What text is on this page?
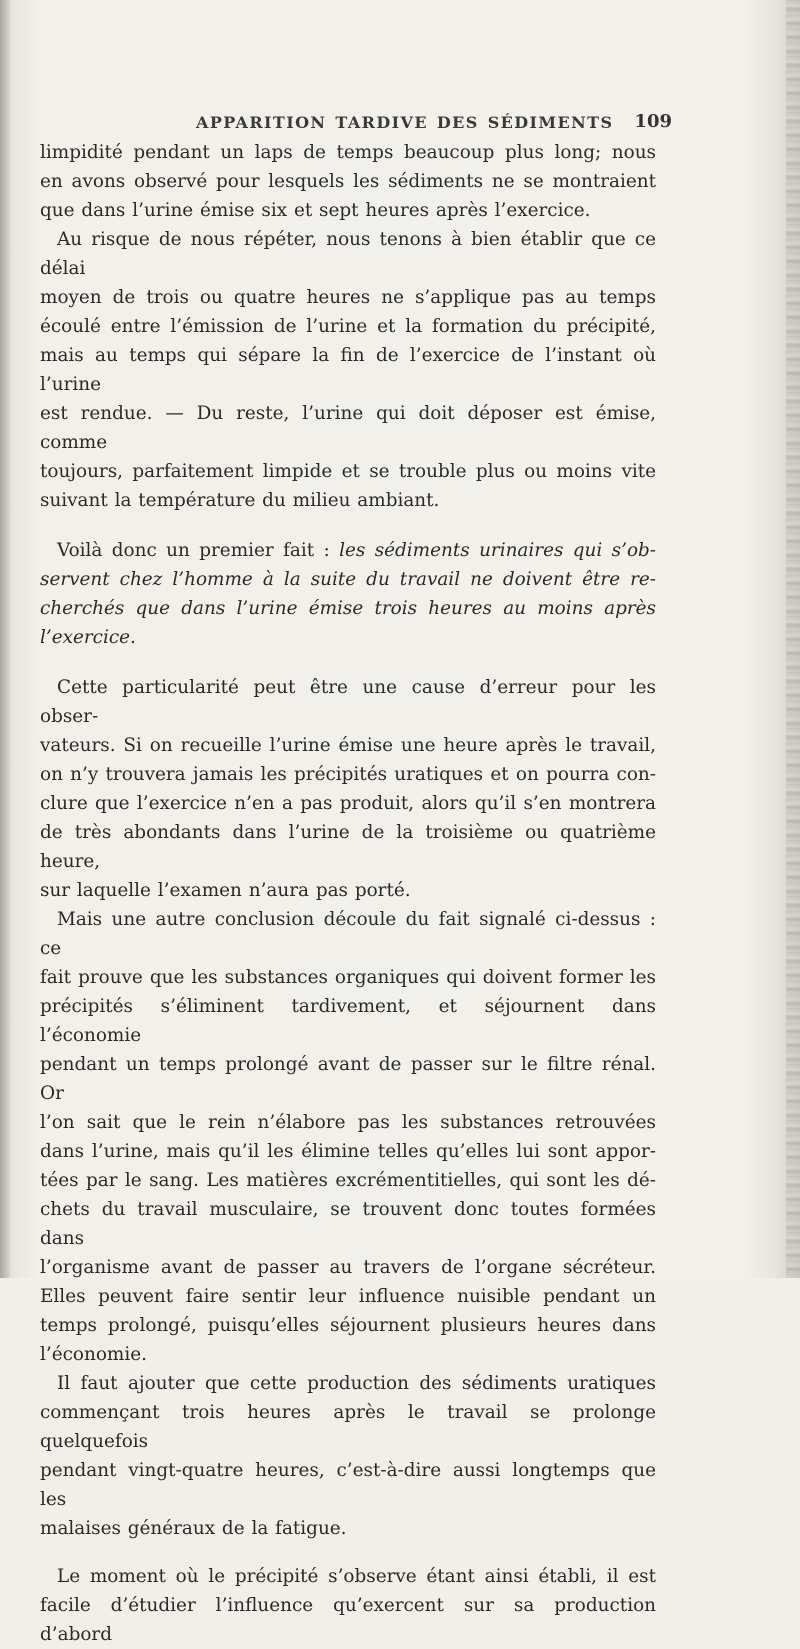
APPARITION TARDIVE DES SÉDIMENTS 109

limpidité pendant un laps de temps beaucoup plus long; nous

en avons observé pour lesquels les sédiments ne se montraient

que dans l’urine émise six et sept heures après l’exercice.

Au risque de nous répéter, nous tenons à bien établir que ce délai

moyen de trois ou quatre heures ne s’applique pas au temps

écoulé entre l’émission de l’urine et la formation du précipité,

mais au temps qui sépare la fin de l’exercice de l’instant où l’urine

est rendue. — Du reste, l’urine qui doit déposer est émise, comme

toujours, parfaitement limpide et se trouble plus ou moins vite

suivant la température du milieu ambiant.

Voilà donc un premier fait : les sédiments urinaires qui s’ob-

servent chez l’homme à la suite du travail ne doivent être re-

cherchés que dans l’urine émise trois heures au moins après

l’exercice.

Cette particularité peut être une cause d’erreur pour les obser-

vateurs. Si on recueille l’urine émise une heure après le travail,

on n’y trouvera jamais les précipités uratiques et on pourra con-

clure que l’exercice n’en a pas produit, alors qu’il s’en montrera

de très abondants dans l’urine de la troisième ou quatrième heure,

sur laquelle l’examen n’aura pas porté.

Mais une autre conclusion découle du fait signalé ci-dessus : ce

fait prouve que les substances organiques qui doivent former les

précipités s’éliminent tardivement, et séjournent dans l’économie

pendant un temps prolongé avant de passer sur le filtre rénal. Or

l’on sait que le rein n’élabore pas les substances retrouvées

dans l’urine, mais qu’il les élimine telles qu’elles lui sont appor-

tées par le sang. Les matières excrémentitielles, qui sont les dé-

chets du travail musculaire, se trouvent donc toutes formées dans

l’organisme avant de passer au travers de l’organe sécréteur.

Elles peuvent faire sentir leur influence nuisible pendant un

temps prolongé, puisqu’elles séjournent plusieurs heures dans

l’économie.

Il faut ajouter que cette production des sédiments uratiques

commençant trois heures après le travail se prolonge quelquefois

pendant vingt-quatre heures, c’est-à-dire aussi longtemps que les

malaises généraux de la fatigue.

Le moment où le précipité s’observe étant ainsi établi, il est

facile d’étudier l’influence qu’exercent sur sa production d’abord
